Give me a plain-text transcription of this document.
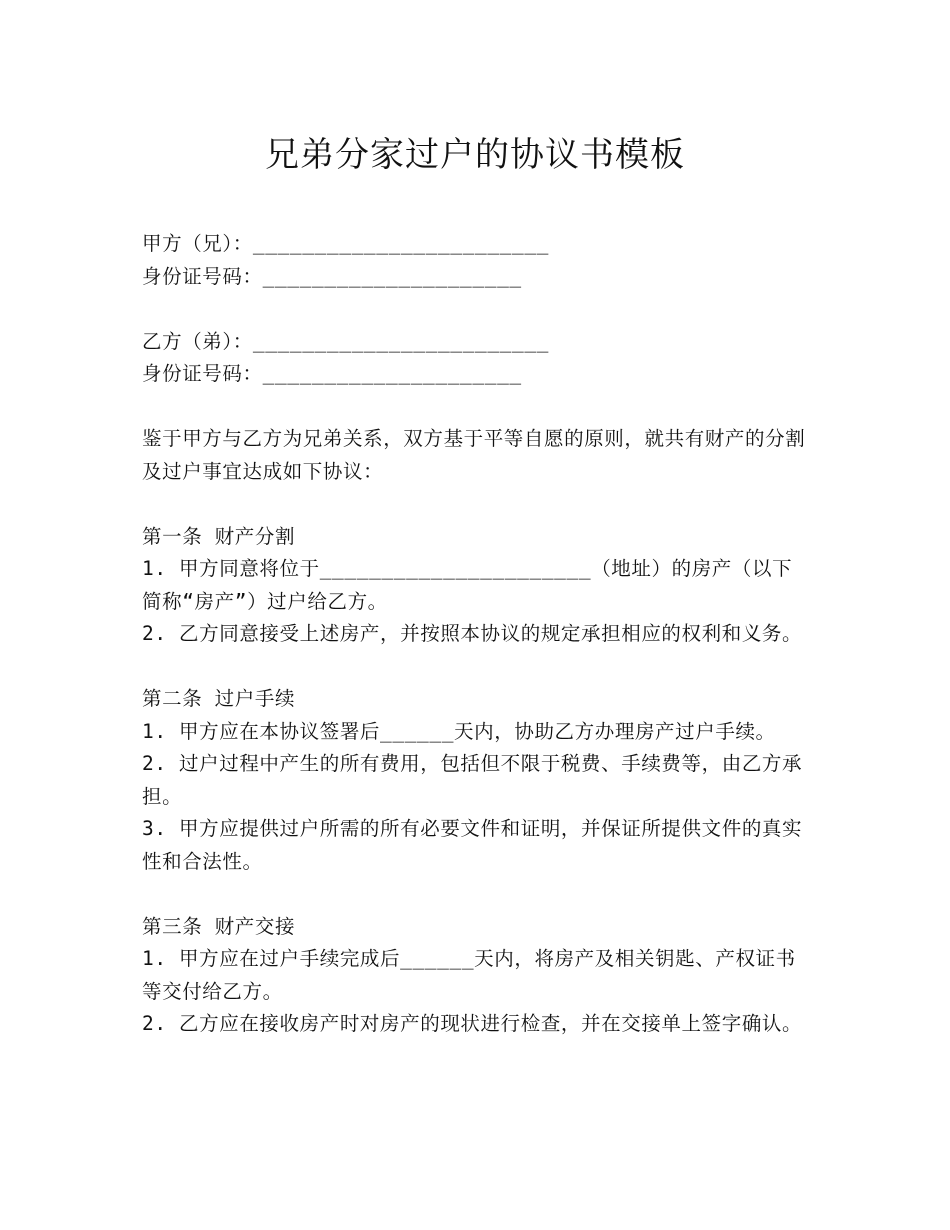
兄弟分家过户的协议书模板
甲方（兄）：________________________
身份证号码：_____________________
乙方（弟）：________________________
身份证号码：_____________________
鉴于甲方与乙方为兄弟关系，双方基于平等自愿的原则，就共有财产的分割及过户事宜达成如下协议：
第一条 财产分割
1. 甲方同意将位于______________________（地址）的房产（以下简称“房产”）过户给乙方。
2. 乙方同意接受上述房产，并按照本协议的规定承担相应的权利和义务。
第二条 过户手续
1. 甲方应在本协议签署后______天内，协助乙方办理房产过户手续。
2. 过户过程中产生的所有费用，包括但不限于税费、手续费等，由乙方承担。
3. 甲方应提供过户所需的所有必要文件和证明，并保证所提供文件的真实性和合法性。
第三条 财产交接
1. 甲方应在过户手续完成后______天内，将房产及相关钥匙、产权证书等交付给乙方。
2. 乙方应在接收房产时对房产的现状进行检查，并在交接单上签字确认。
